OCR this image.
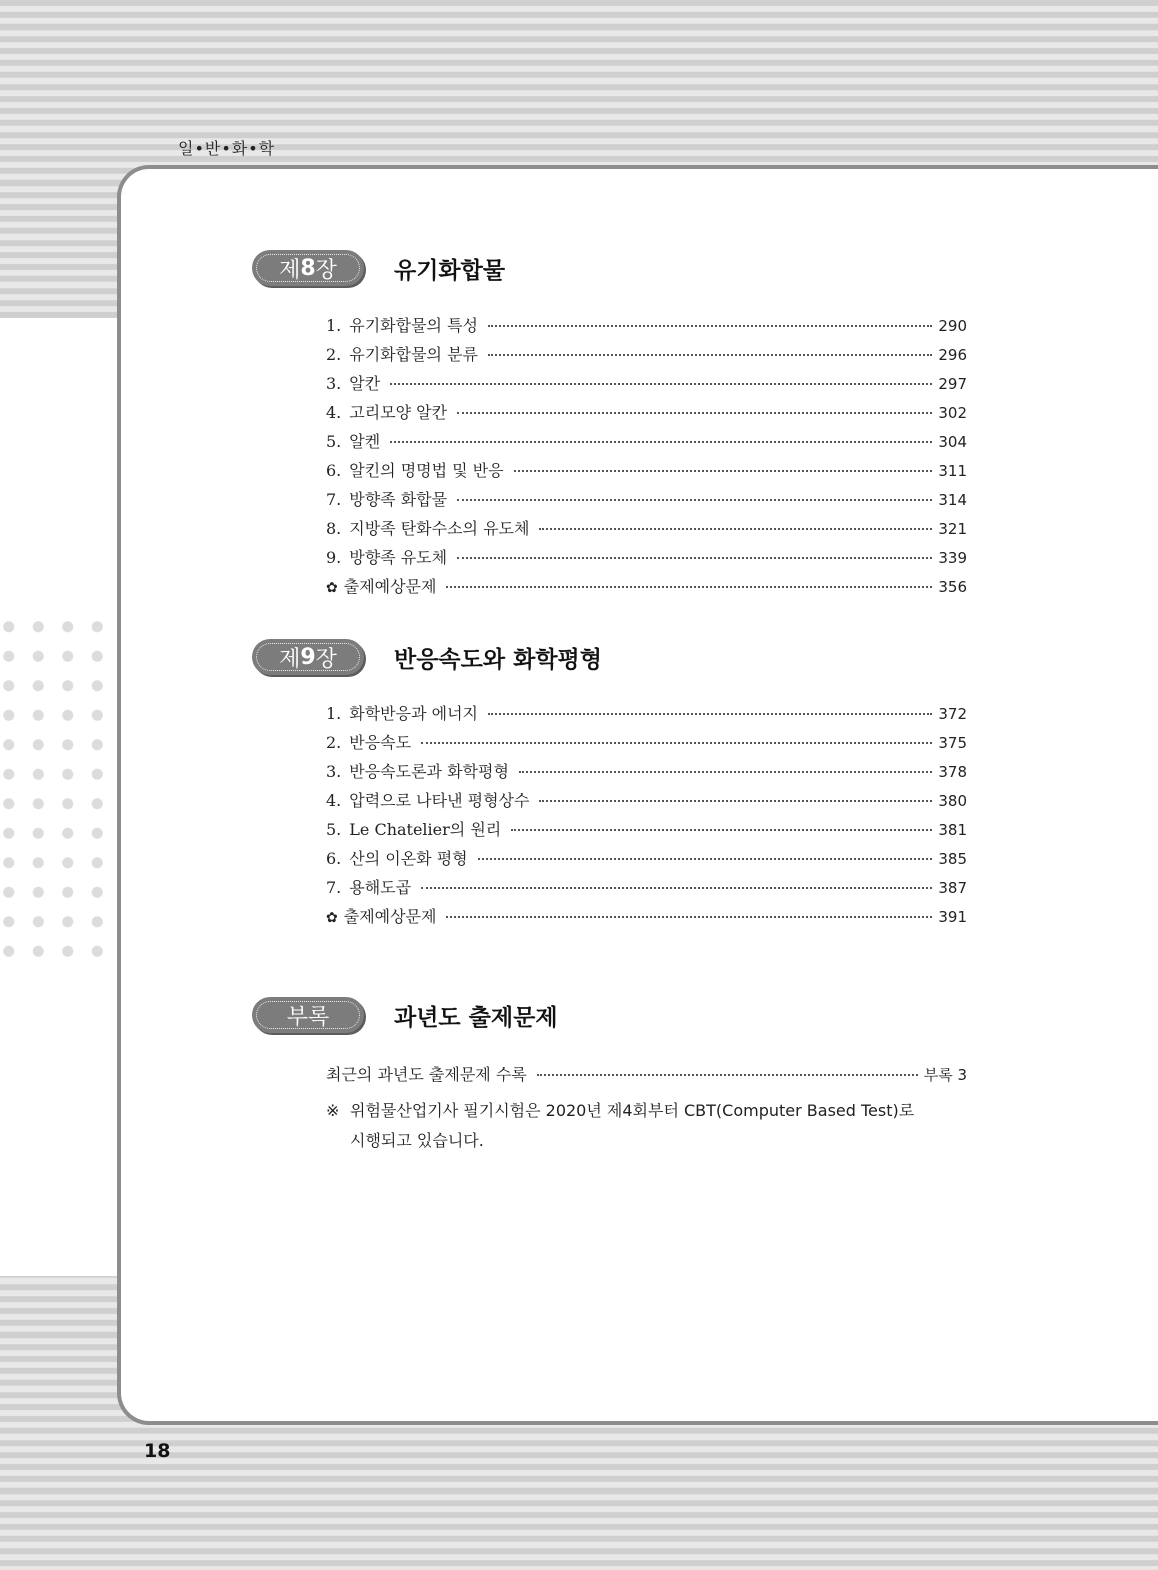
일•반•화•학
제 8 장 유기화합물
1. 유기화합물의 특성	290
2. 유기화합물의 분류	296
3. 알칸	297
4. 고리모양 알칸	302
5. 알켄	304
6. 알킨의 명명법 및 반응	311
7. 방향족 화합물	314
8. 지방족 탄화수소의 유도체	321
9. 방향족 유도체	339
✿ 출제예상문제	356
제 9 장 반응속도와 화학평형
1. 화학반응과 에너지	372
2. 반응속도	375
3. 반응속도론과 화학평형	378
4. 압력으로 나타낸 평형상수	380
5. Le Chatelier의 원리	381
6. 산의 이온화 평형	385
7. 용해도곱	387
✿ 출제예상문제	391
부록	과년도 출제문제
최근의 과년도 출제문제 수록	부록 3
※ 위험물산업기사 필기시험은 2020년 제4회부터 CBT(Computer Based Test)로
시행되고 있습니다.
18
